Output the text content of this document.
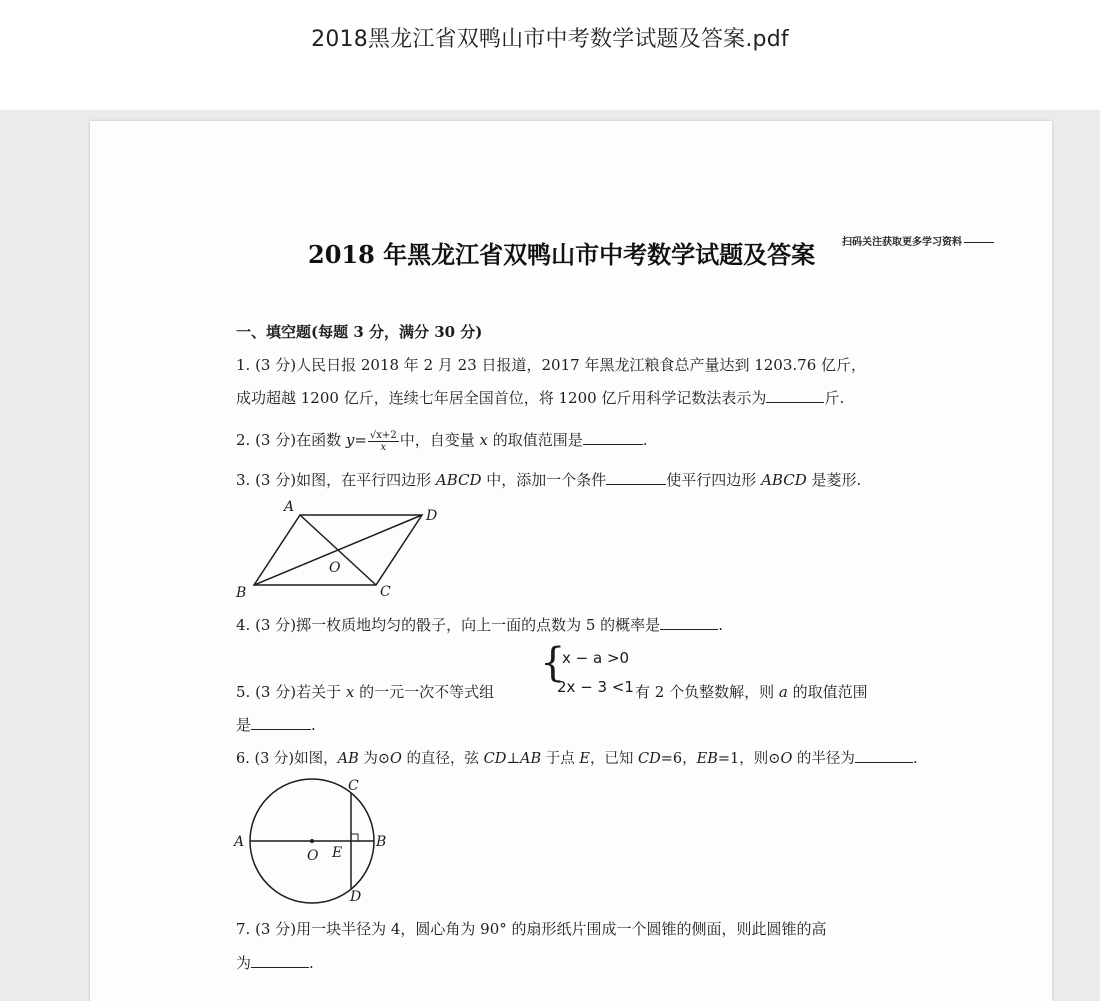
2018黑龙江省双鸭山市中考数学试题及答案.pdf
2018 年黑龙江省双鸭山市中考数学试题及答案	扫码关注获取更多学习资料
一、填空题(每题 3 分，满分 30 分)
1. (3 分)人民日报 2018 年 2 月 23 日报道，2017 年黑龙江粮食总产量达到 1203.76 亿斤，
成功超越 1200 亿斤，连续七年居全国首位，将 1200 亿斤用科学记数法表示为	斤.
2. (3 分)在函数 $y= \frac{√x+2}{x}$ 中，自变量 x 的取值范围是	.
3. (3 分)如图，在平行四边形 ABCD 中，添加一个条件	使平行四边形 ABCD 是菱形.
A
D
B	C
O
4. (3 分)掷一枚质地均匀的骰子，向上一面的点数为 5 的概率是	.
{
x − a >0
2x − 3 <1
5. (3 分)若关于 x 的一元一次不等式组	有 2 个负整数解，则 a 的取值范围
是	.
6. (3 分)如图，AB 为⊙O 的直径，弦 CD⊥AB 于点 E，已知 CD=6，EB=1，则⊙O 的半径为	.
A	B
C
D
O E
7. (3 分)用一块半径为 4，圆心角为 90° 的扇形纸片围成一个圆锥的侧面，则此圆锥的高
为	.
